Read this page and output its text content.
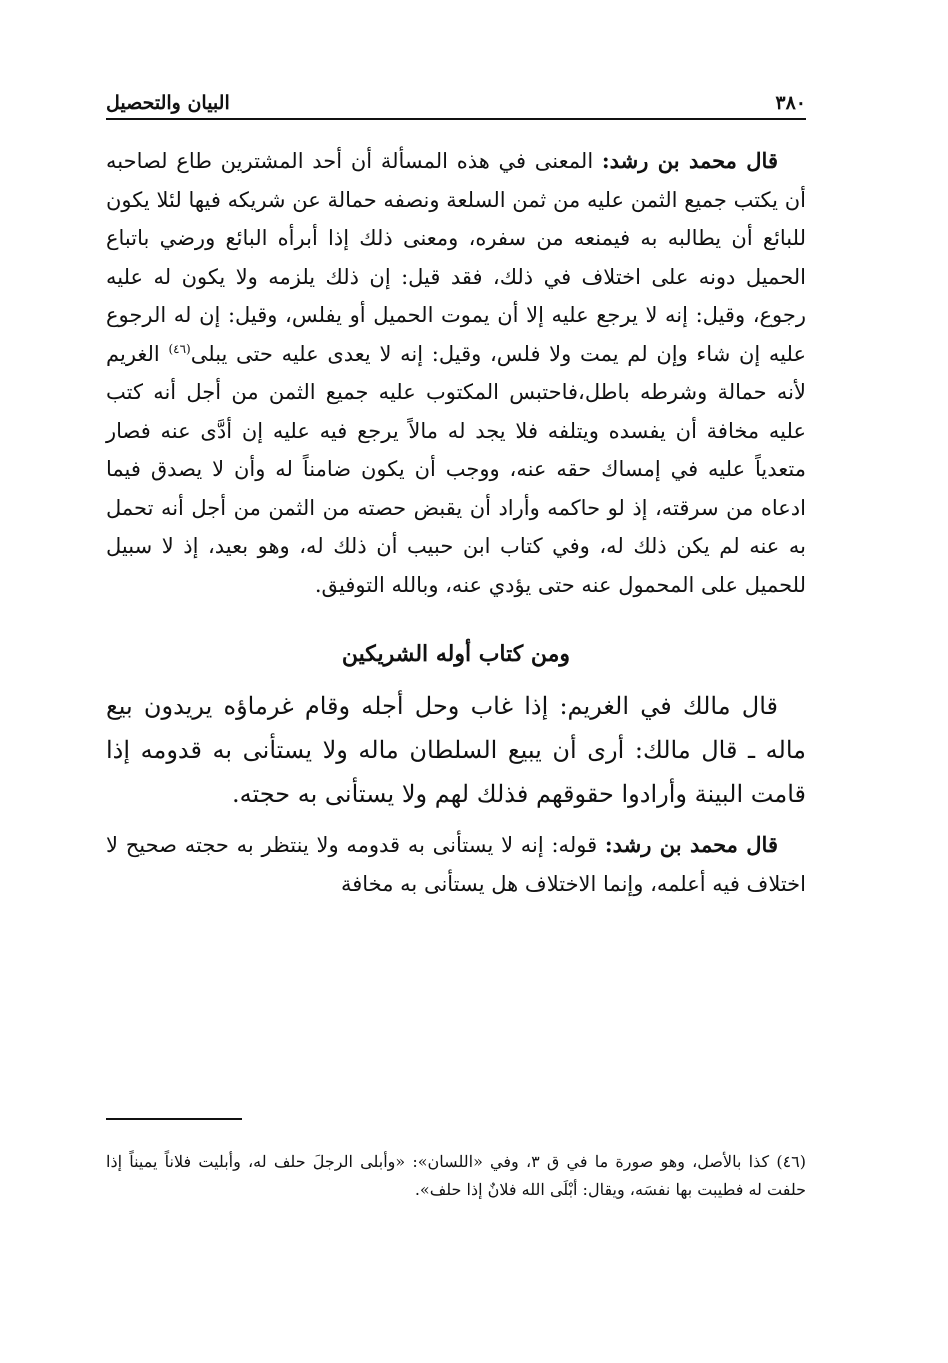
٣٨٠
البيان والتحصيل

قال محمد بن رشد: المعنى في هذه المسألة أن أحد المشترين طاع لصاحبه أن يكتب جميع الثمن عليه من ثمن السلعة ونصفه حمالة عن شريكه فيها لئلا يكون للبائع أن يطالبه به فيمنعه من سفره، ومعنى ذلك إذا أبرأه البائع ورضي باتباع الحميل دونه على اختلاف في ذلك، فقد قيل: إن ذلك يلزمه ولا يكون له عليه رجوع، وقيل: إنه لا يرجع عليه إلا أن يموت الحميل أو يفلس، وقيل: إن له الرجوع عليه إن شاء وإن لم يمت ولا فلس، وقيل: إنه لا يعدى عليه حتى يبلى$^{(٤٦)}$ الغريم لأنه حمالة وشرطه باطل،فاحتبس المكتوب عليه جميع الثمن من أجل أنه كتب عليه مخافة أن يفسده ويتلفه فلا يجد له مالاً يرجع فيه عليه إن أدَّى عنه فصار متعدياً عليه في إمساك حقه عنه، ووجب أن يكون ضامناً له وأن لا يصدق فيما ادعاه من سرقته، إذ لو حاكمه وأراد أن يقبض حصته من الثمن من أجل أنه تحمل به عنه لم يكن ذلك له، وفي كتاب ابن حبيب أن ذلك له، وهو بعيد، إذ لا سبيل للحميل على المحمول عنه حتى يؤدي عنه، وبالله التوفيق.

ومن كتاب أوله الشريكين

قال مالك في الغريم: إذا غاب وحل أجله وقام غرماؤه يريدون بيع ماله ـ قال مالك: أرى أن يبيع السلطان ماله ولا يستأنى به قدومه إذا قامت البينة وأرادوا حقوقهم فذلك لهم ولا يستأنى به حجته.

قال محمد بن رشد: قوله: إنه لا يستأنى به قدومه ولا ينتظر به حجته صحيح لا اختلاف فيه أعلمه، وإنما الاختلاف هل يستأنى به مخافة

(٤٦) كذا بالأصل، وهو صورة ما في ق ٣، وفي «اللسان»: «وأبلى الرجلَ حلف له، وأبليت فلاناً يميناً إذا حلفت له فطيبت بها نفسَه، ويقال: أبْلَى الله فلانٌ إذا حلف».
